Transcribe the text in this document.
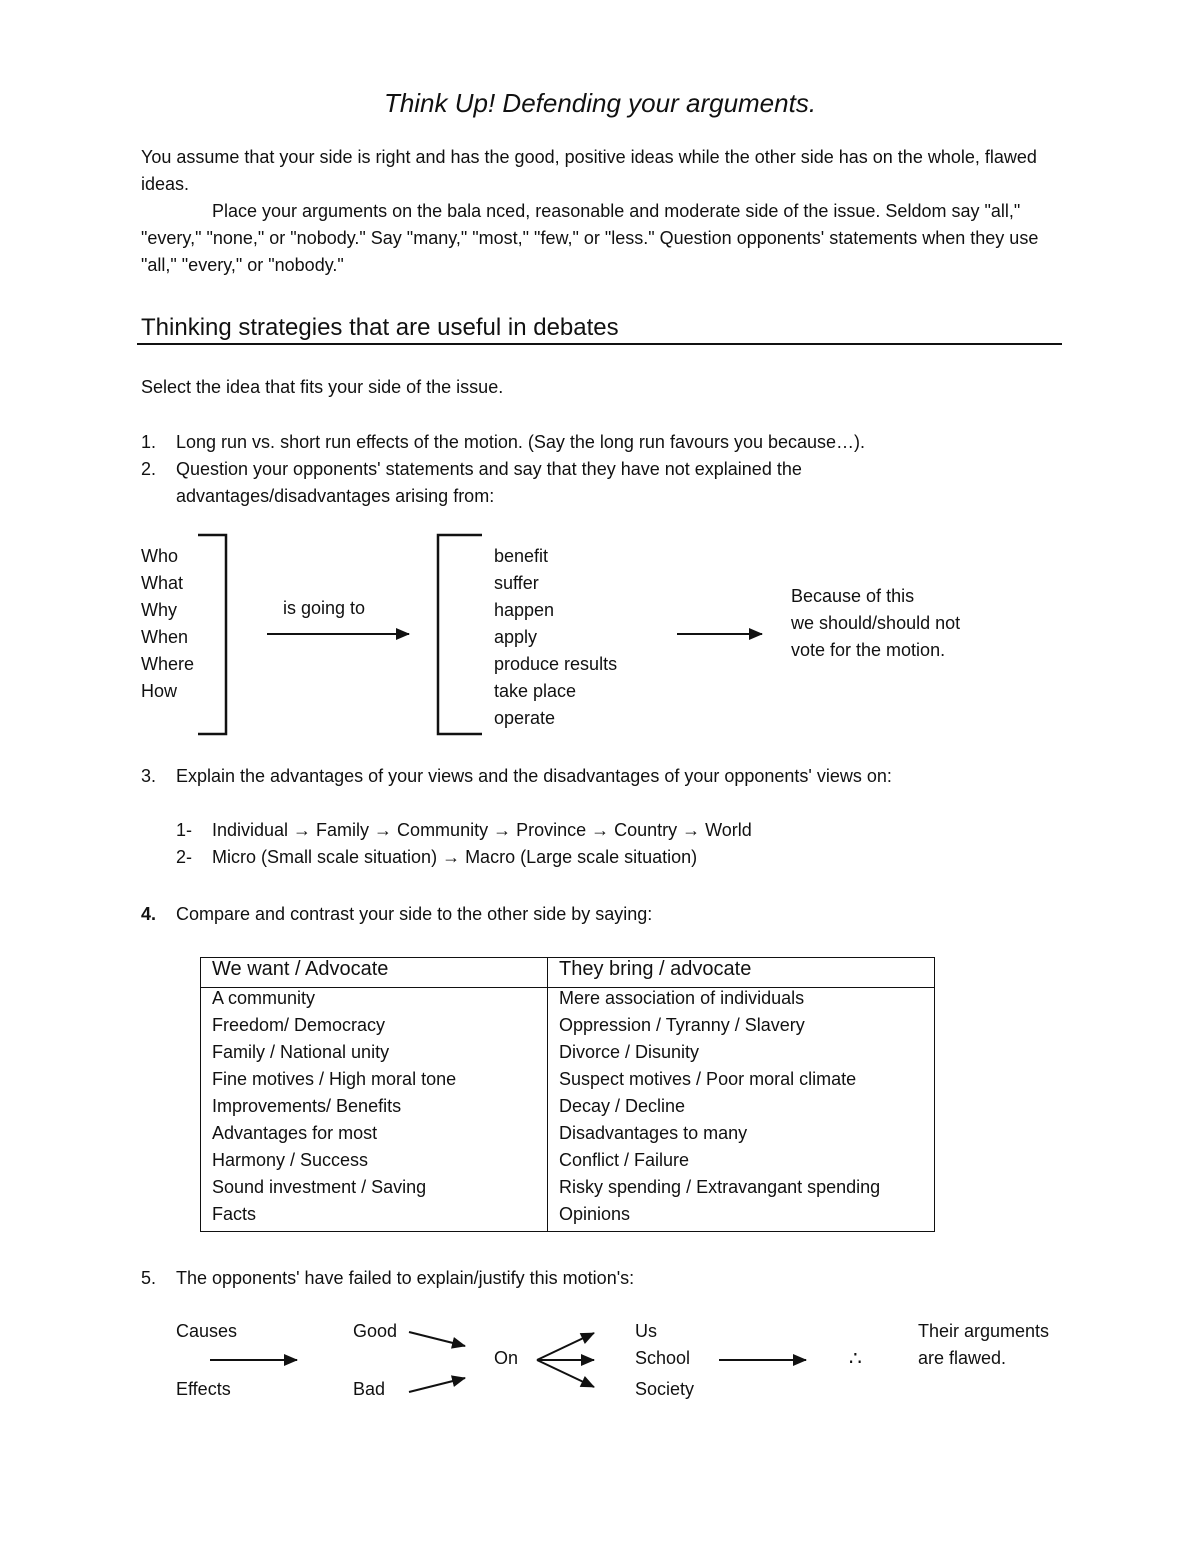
Think Up! Defending your arguments.
You assume that your side is right and has the good, positive ideas while the other side has on the whole, flawed ideas.
Place your arguments on the bala nced, reasonable and moderate side of the issue. Seldom say "all," "every," "none," or "nobody." Say "many," "most," "few," or "less." Question opponents' statements when they use "all," "every," or "nobody."
Thinking strategies that are useful in debates
Select the idea that fits your side of the issue.
1. Long run vs. short run effects of the motion. (Say the long run favours you because…).
2. Question your opponents' statements and say that they have not explained the
advantages/disadvantages arising from:
Who
What
Why
When
Where
How
is going to
benefit
suffer
happen
apply
produce results
take place
operate
Because of this
we should/should not
vote for the motion.
3. Explain the advantages of your views and the disadvantages of your opponents' views on:
1- Individual → Family → Community → Province → Country → World
2- Micro (Small scale situation) → Macro (Large scale situation)
4. Compare and contrast your side to the other side by saying:
We want / Advocate	They bring / advocate
A community	Mere association of individuals
Freedom/ Democracy	Oppression / Tyranny / Slavery
Family / National unity	Divorce / Disunity
Fine motives / High moral tone	Suspect motives / Poor moral climate
Improvements/ Benefits	Decay / Decline
Advantages for most	Disadvantages to many
Harmony / Success	Conflict / Failure
Sound investment / Saving	Risky spending / Extravangant spending
Facts	Opinions
5. The opponents' have failed to explain/justify this motion's:
Causes
Effects
Good
Bad
On
Us
School
Society
∴
Their arguments
are flawed.
